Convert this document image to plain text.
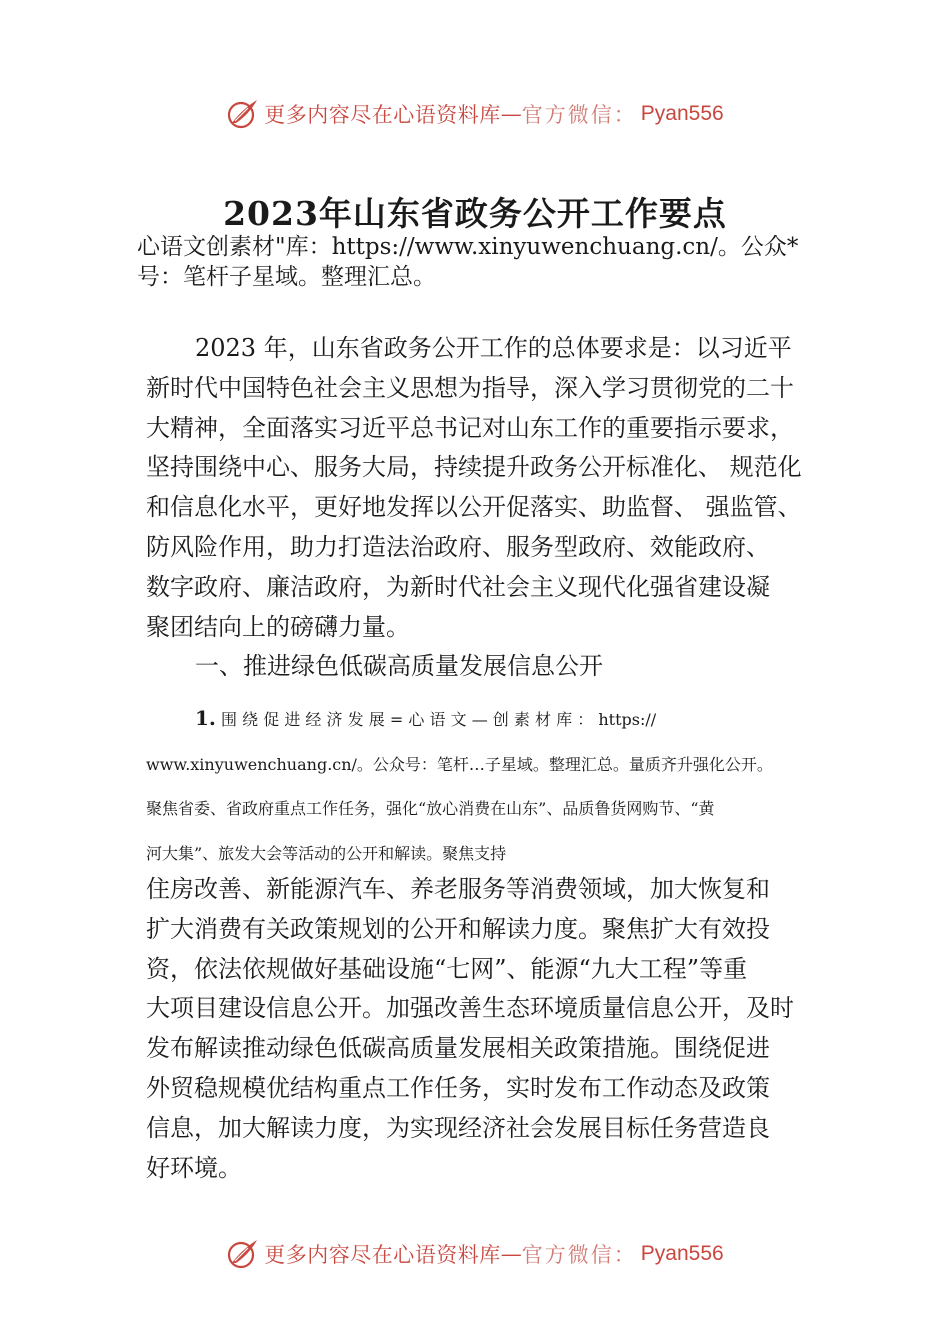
更多内容尽在心语资料库 — 官方微信： Pyan556
2023年山东省政务公开工作要点
心语文创素材"库：https://www.xinyuwenchuang.cn/。公众*
号：笔杆子星域。整理汇总。
2023 年，山东省政务公开工作的总体要求是：以习近平
新时代中国特色社会主义思想为指导，深入学习贯彻党的二十
大精神，全面落实习近平总书记对山东工作的重要指示要求，
坚持围绕中心、服务大局，持续提升政务公开标准化、 规范化
和信息化水平，更好地发挥以公开促落实、助监督、 强监管、
防风险作用，助力打造法治政府、服务型政府、效能政府、
数字政府、廉洁政府，为新时代社会主义现代化强省建设凝
聚团结向上的磅礴力量。
一、推进绿色低碳高质量发展信息公开
1. 围 绕 促 进 经 济 发 展 = 心 语 文 — 创 素 材 库 ： https://
www.xinyuwenchuang.cn/。公众号：笔杆…子星域。整理汇总。量质齐升强化公开。
聚焦省委、省政府重点工作任务，强化“放心消费在山东”、品质鲁货网购节、“黄
河大集”、旅发大会等活动的公开和解读。聚焦支持
住房改善、新能源汽车、养老服务等消费领域，加大恢复和
扩大消费有关政策规划的公开和解读力度。聚焦扩大有效投
资，依法依规做好基础设施“七网”、能源“九大工程”等重
大项目建设信息公开。加强改善生态环境质量信息公开，及时
发布解读推动绿色低碳高质量发展相关政策措施。围绕促进
外贸稳规模优结构重点工作任务，实时发布工作动态及政策
信息，加大解读力度，为实现经济社会发展目标任务营造良
好环境。
更多内容尽在心语资料库 — 官方微信： Pyan556
